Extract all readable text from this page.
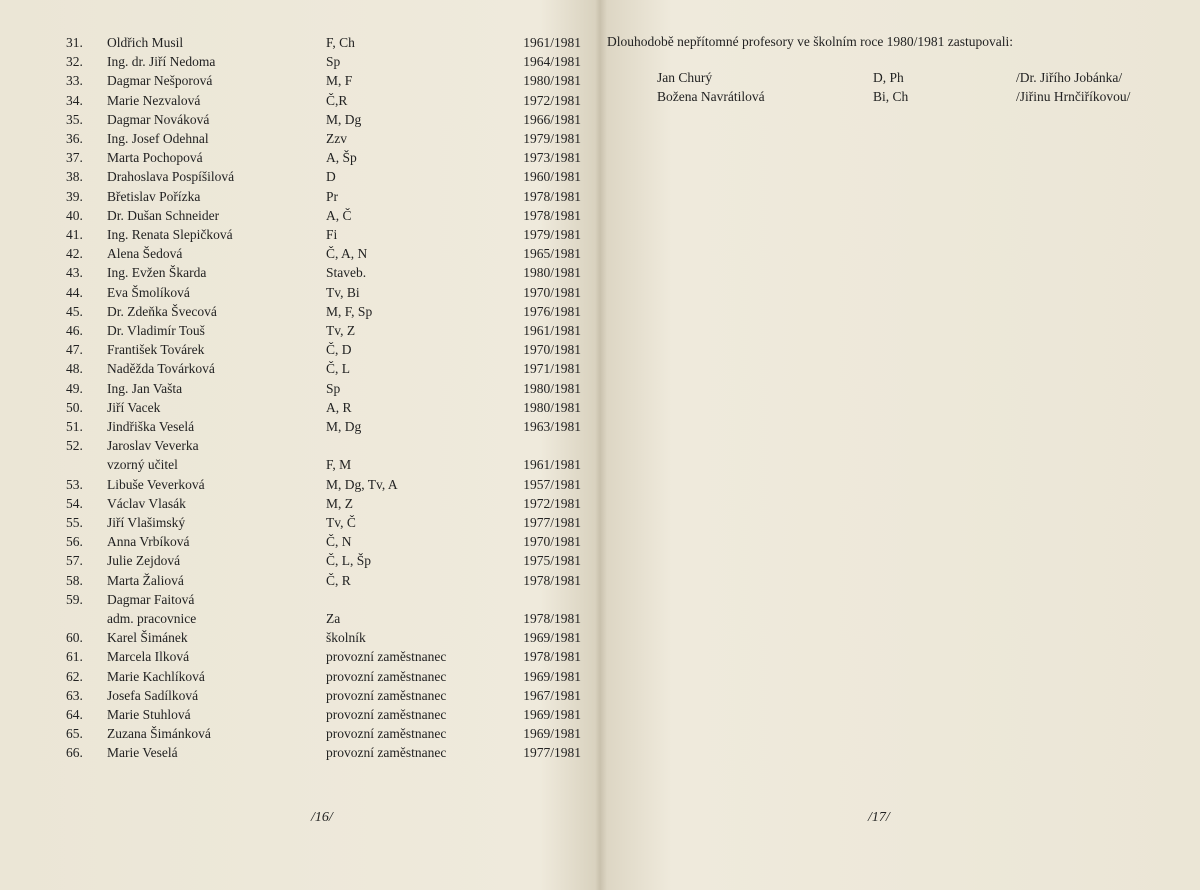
31. Oldřich Musil	F, Ch	1961/1981
32. Ing. dr. Jiří Nedoma	Sp	1964/1981
33. Dagmar Nešporová	M, F	1980/1981
34. Marie Nezvalová	Č,R	1972/1981
35. Dagmar Nováková	M, Dg	1966/1981
36. Ing. Josef Odehnal	Zzv	1979/1981
37. Marta Pochopová	A, Šp	1973/1981
38. Drahoslava Pospíšilová	D	1960/1981
39. Břetislav Pořízka	Pr	1978/1981
40. Dr. Dušan Schneider	A, Č	1978/1981
41. Ing. Renata Slepičková	Fi	1979/1981
42. Alena Šedová	Č, A, N	1965/1981
43. Ing. Evžen Škarda	Staveb.	1980/1981
44. Eva Šmolíková	Tv, Bi	1970/1981
45. Dr. Zdeňka Švecová	M, F, Sp	1976/1981
46. Dr. Vladimír Touš	Tv, Z	1961/1981
47. František Továrek	Č, D	1970/1981
48. Naděžda Továrková	Č, L	1971/1981
49. Ing. Jan Vašta	Sp	1980/1981
50. Jiří Vacek	A, R	1980/1981
51. Jindřiška Veselá	M, Dg	1963/1981
52. Jaroslav Veverka
vzorný učitel	F, M	1961/1981
53. Libuše Veverková	M, Dg, Tv, A	1957/1981
54. Václav Vlasák	M, Z	1972/1981
55. Jiří Vlašimský	Tv, Č	1977/1981
56. Anna Vrbíková	Č, N	1970/1981
57. Julie Zejdová	Č, L, Šp	1975/1981
58. Marta Žaliová	Č, R	1978/1981
59. Dagmar Faitová
adm. pracovnice	Za	1978/1981
60. Karel Šimánek	školník	1969/1981
61. Marcela Ilková	provozní zaměstnanec	1978/1981
62. Marie Kachlíková	provozní zaměstnanec	1969/1981
63. Josefa Sadílková	provozní zaměstnanec	1967/1981
64. Marie Stuhlová	provozní zaměstnanec	1969/1981
65. Zuzana Šimánková	provozní zaměstnanec	1969/1981
66. Marie Veselá	provozní zaměstnanec	1977/1981
/16/	/17/
Dlouhodobě nepřítomné profesory ve školním roce 1980/1981 zastupovali:
Jan Churý	D, Ph	/Dr. Jiřího Jobánka/
Božena Navrátilová	Bi, Ch	/Jiřinu Hrnčiříkovou/
